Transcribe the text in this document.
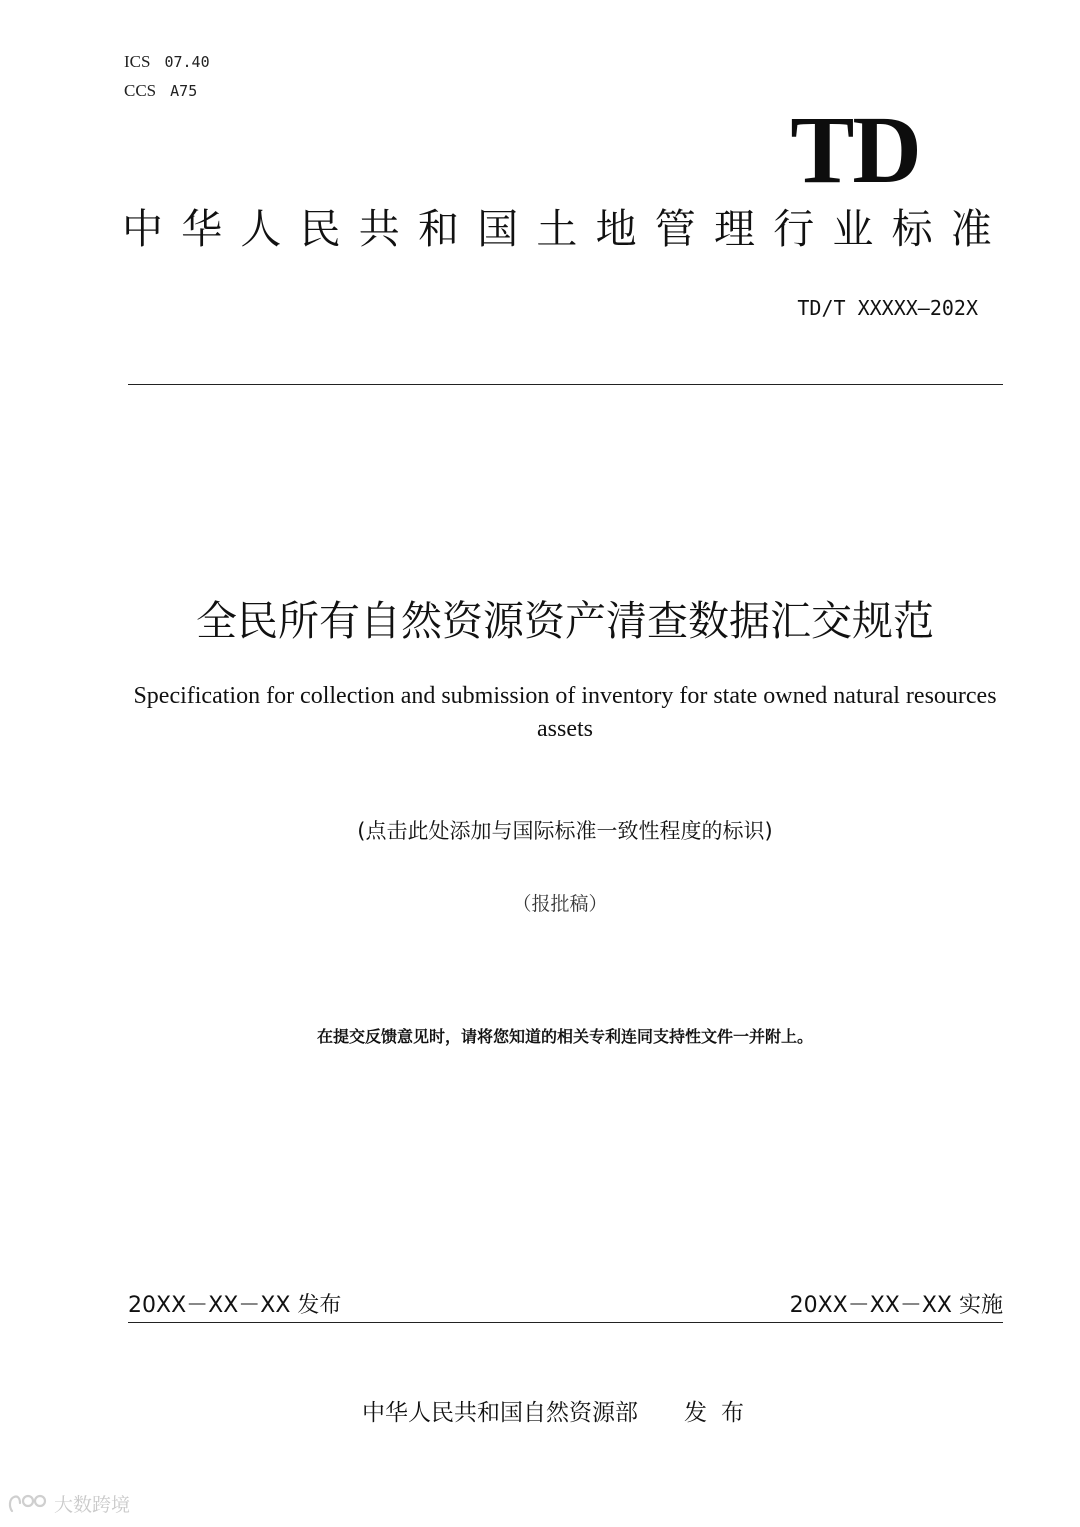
ICS 07.40
CCS A75
TD
中华人民共和国土地管理行业标准
TD/T XXXXX—202X
全民所有自然资源资产清查数据汇交规范
Specification for collection and submission of inventory for state owned natural resources assets
(点击此处添加与国际标准一致性程度的标识)
（报批稿）
在提交反馈意见时，请将您知道的相关专利连同支持性文件一并附上。
20XX－XX－XX 发布	20XX－XX－XX 实施
中华人民共和国自然资源部 发布
大数跨境
